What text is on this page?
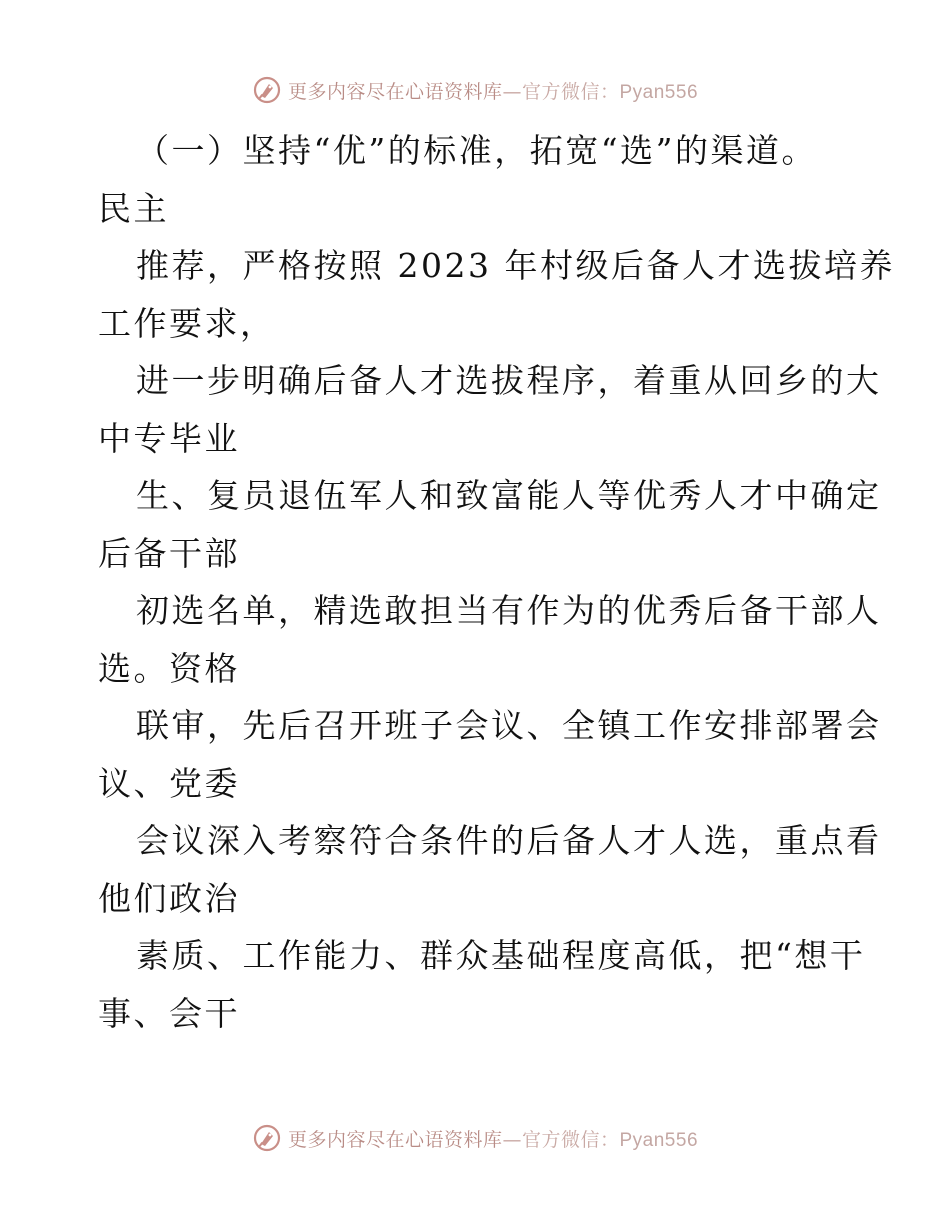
更多内容尽在心语资料库—官方微信：Pyan556
（一）坚持“优”的标准，拓宽“选”的渠道。
民主
推荐，严格按照 2023 年村级后备人才选拔培养
工作要求，
进一步明确后备人才选拔程序，着重从回乡的大
中专毕业
生、复员退伍军人和致富能人等优秀人才中确定
后备干部
初选名单，精选敢担当有作为的优秀后备干部人
选。资格
联审，先后召开班子会议、全镇工作安排部署会
议、党委
会议深入考察符合条件的后备人才人选，重点看
他们政治
素质、工作能力、群众基础程度高低，把“想干
事、会干
更多内容尽在心语资料库—官方微信：Pyan556
